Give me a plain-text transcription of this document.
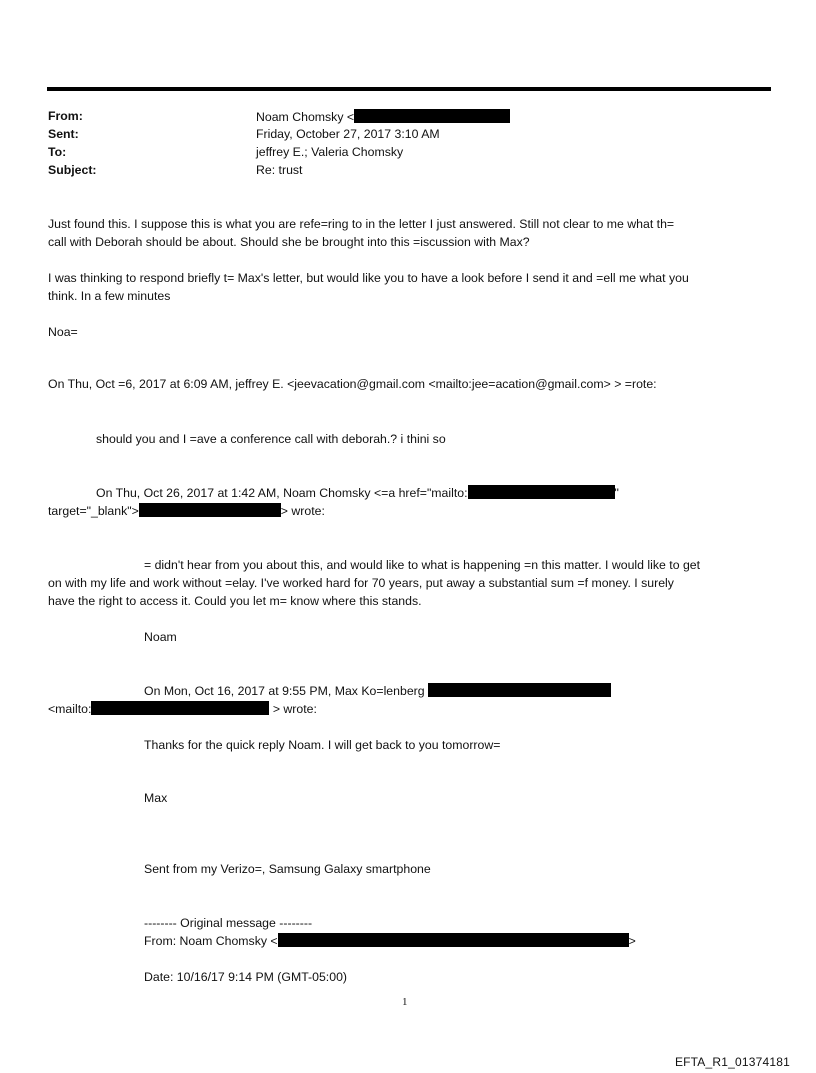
From:	Noam Chomsky <
Sent:	Friday, October 27, 2017 3:10 AM
To:	jeffrey E.; Valeria Chomsky
Subject:	Re: trust
Just found this. I suppose this is what you are refe=ring to in the letter I just answered. Still not clear to me what th=
call with Deborah should be about. Should she be brought into this =iscussion with Max?
I was thinking to respond briefly t= Max's letter, but would like you to have a look before I send it and =ell me what you
think. In a few minutes
Noa=
On Thu, Oct =6, 2017 at 6:09 AM, jeffrey E. <jeevacation@gmail.com <mailto:jee=acation@gmail.com> > =rote:
should you and I =ave a conference call with deborah.? i thini so
On Thu, Oct 26, 2017 at 1:42 AM, Noam Chomsky <=a href="mailto:	"
target="_blank">	> wrote:
= didn't hear from you about this, and would like to what is happening =n this matter. I would like to get
on with my life and work without =elay. I've worked hard for 70 years, put away a substantial sum =f money. I surely
have the right to access it. Could you let m= know where this stands.
Noam
On Mon, Oct 16, 2017 at 9:55 PM, Max Ko=lenberg
<mailto:	> wrote:
Thanks for the quick reply Noam. I will get back to you tomorrow=
Max
Sent from my Verizo=, Samsung Galaxy smartphone
-------- Original message --------
From: Noam Chomsky <	>
Date: 10/16/17 9:14 PM (GMT-05:00)
1
EFTA_R1_01374181
